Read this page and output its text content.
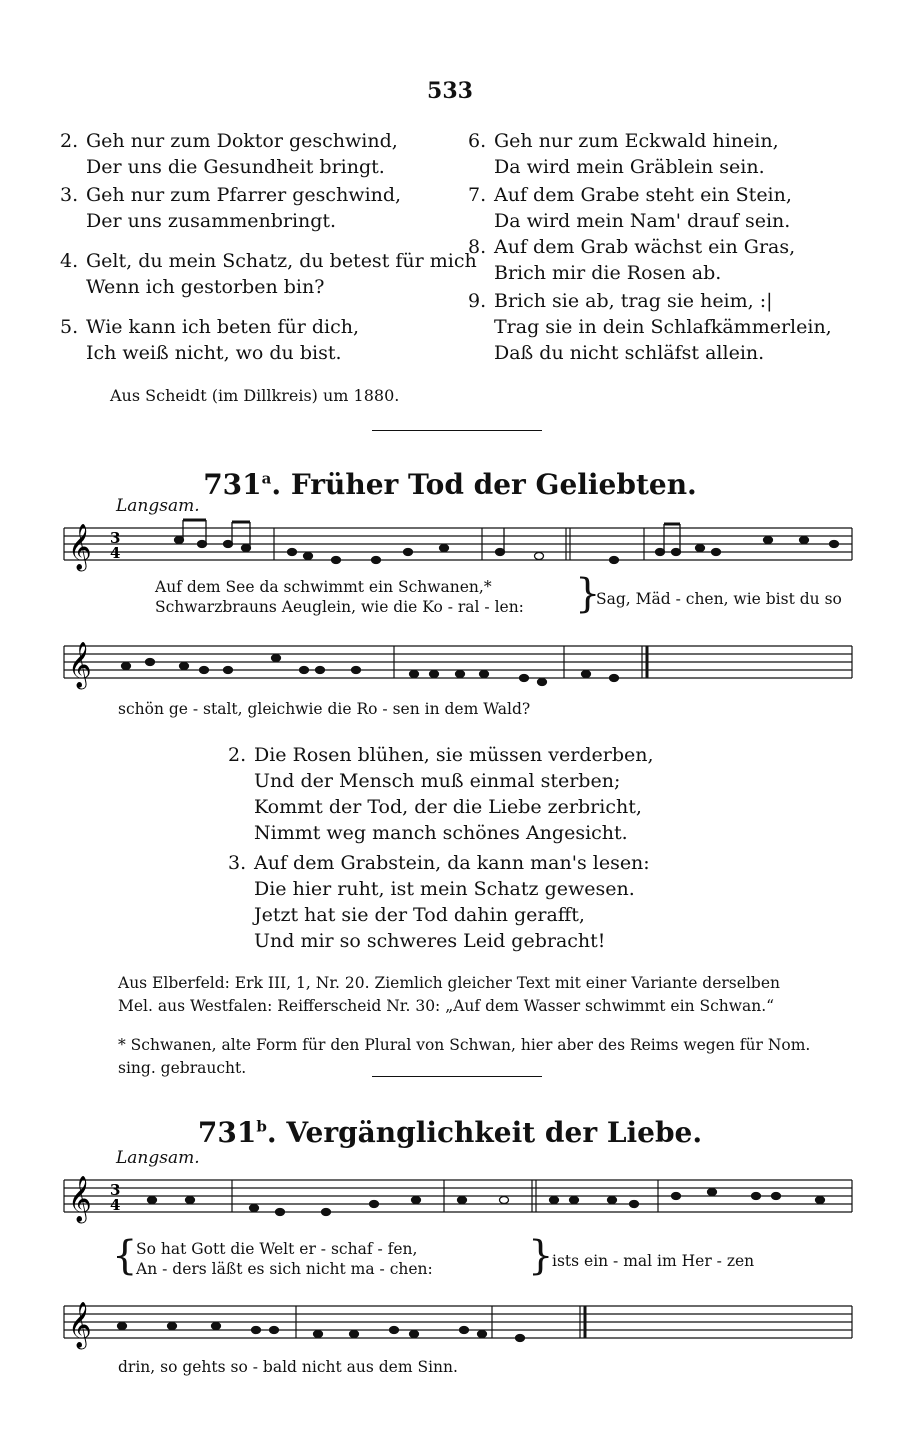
533
2. Geh nur zum Doktor geschwind,
Der uns die Gesundheit bringt.
3. Geh nur zum Pfarrer geschwind,
Der uns zusammenbringt.
4. Gelt, du mein Schatz, du betest für mich
Wenn ich gestorben bin?
5. Wie kann ich beten für dich,
Ich weiß nicht, wo du bist.
6. Geh nur zum Eckwald hinein,
Da wird mein Gräblein sein.
7. Auf dem Grabe steht ein Stein,
Da wird mein Nam' drauf sein.
8. Auf dem Grab wächst ein Gras,
Brich mir die Rosen ab.
9. Brich sie ab, trag sie heim, :|
Trag sie in dein Schlafkämmerlein,
Daß du nicht schläfst allein.
Aus Scheidt (im Dillkreis) um 1880.
731$^a$. Früher Tod der Geliebten.
Langsam.
𝄞 3
4
Auf dem See da schwimmt ein Schwanen,*
Schwarzbrauns Aeuglein, wie die Ko - ral - len: }
Sag, Mäd - chen, wie bist du so
𝄞
schön ge - stalt, gleichwie die Ro - sen in dem Wald?
2. Die Rosen blühen, sie müssen verderben,
Und der Mensch muß einmal sterben;
Kommt der Tod, der die Liebe zerbricht,
Nimmt weg manch schönes Angesicht.
3. Auf dem Grabstein, da kann man's lesen:
Die hier ruht, ist mein Schatz gewesen.
Jetzt hat sie der Tod dahin gerafft,
Und mir so schweres Leid gebracht!
Aus Elberfeld: Erk III, 1, Nr. 20. Ziemlich gleicher Text mit einer Variante derselben
Mel. aus Westfalen: Reifferscheid Nr. 30: „Auf dem Wasser schwimmt ein Schwan.“
* Schwanen, alte Form für den Plural von Schwan, hier aber des Reims wegen für Nom.
sing. gebraucht.
731$^b$. Vergänglichkeit der Liebe.
Langsam.
𝄞 3
4
{
So hat Gott die Welt er - schaf - fen,
An - ders läßt es sich nicht ma - chen: }
ists ein - mal im Her - zen
𝄞
drin, so gehts so - bald nicht aus dem Sinn.
